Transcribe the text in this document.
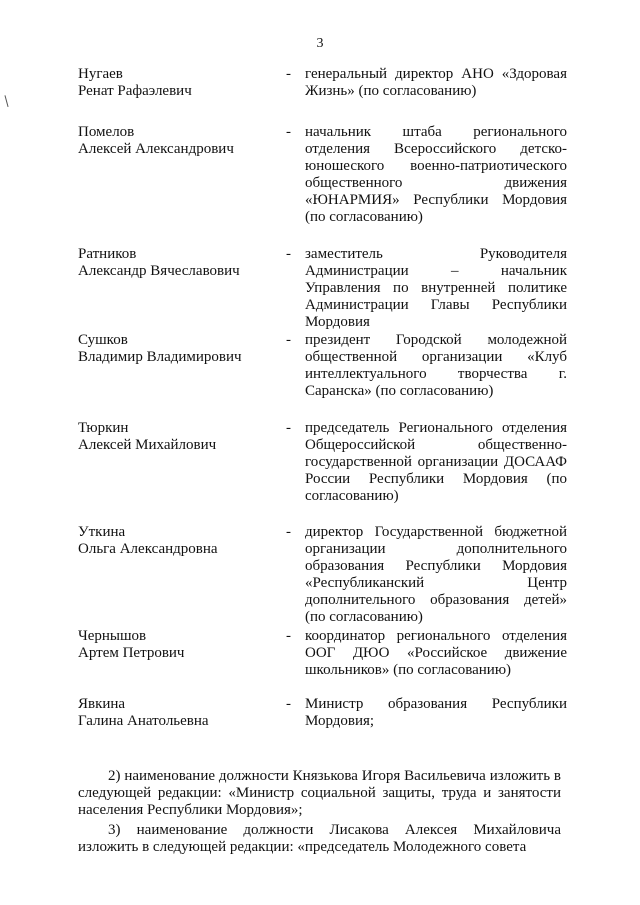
3
Нугаев
Ренат Рафаэлевич
- генеральный директор АНО «Здоровая Жизнь» (по согласованию)
Помелов
Алексей Александрович
- начальник штаба регионального отделения Всероссийского детско-юношеского военно-патриотического общественного движения «ЮНАРМИЯ» Республики Мордовия (по согласованию)
Ратников
Александр Вячеславович
- заместитель Руководителя Администрации – начальник Управления по внутренней политике Администрации Главы Республики Мордовия
Сушков
Владимир Владимирович
- президент Городской молодежной общественной организации «Клуб интеллектуального творчества г. Саранска» (по согласованию)
Тюркин
Алексей Михайлович
- председатель Регионального отделения Общероссийской общественно-государственной организации ДОСААФ России Республики Мордовия (по согласованию)
Уткина
Ольга Александровна
- директор Государственной бюджетной организации дополнительного образования Республики Мордовия «Республиканский Центр дополнительного образования детей» (по согласованию)
Чернышов
Артем Петрович
- координатор регионального отделения ООГ ДЮО «Российское движение школьников» (по согласованию)
Явкина
Галина Анатольевна
- Министр образования Республики Мордовия;
2) наименование должности Князькова Игоря Васильевича изложить в следующей редакции: «Министр социальной защиты, труда и занятости населения Республики Мордовия»;
3) наименование должности Лисакова Алексея Михайловича изложить в следующей редакции: «председатель Молодежного совета
